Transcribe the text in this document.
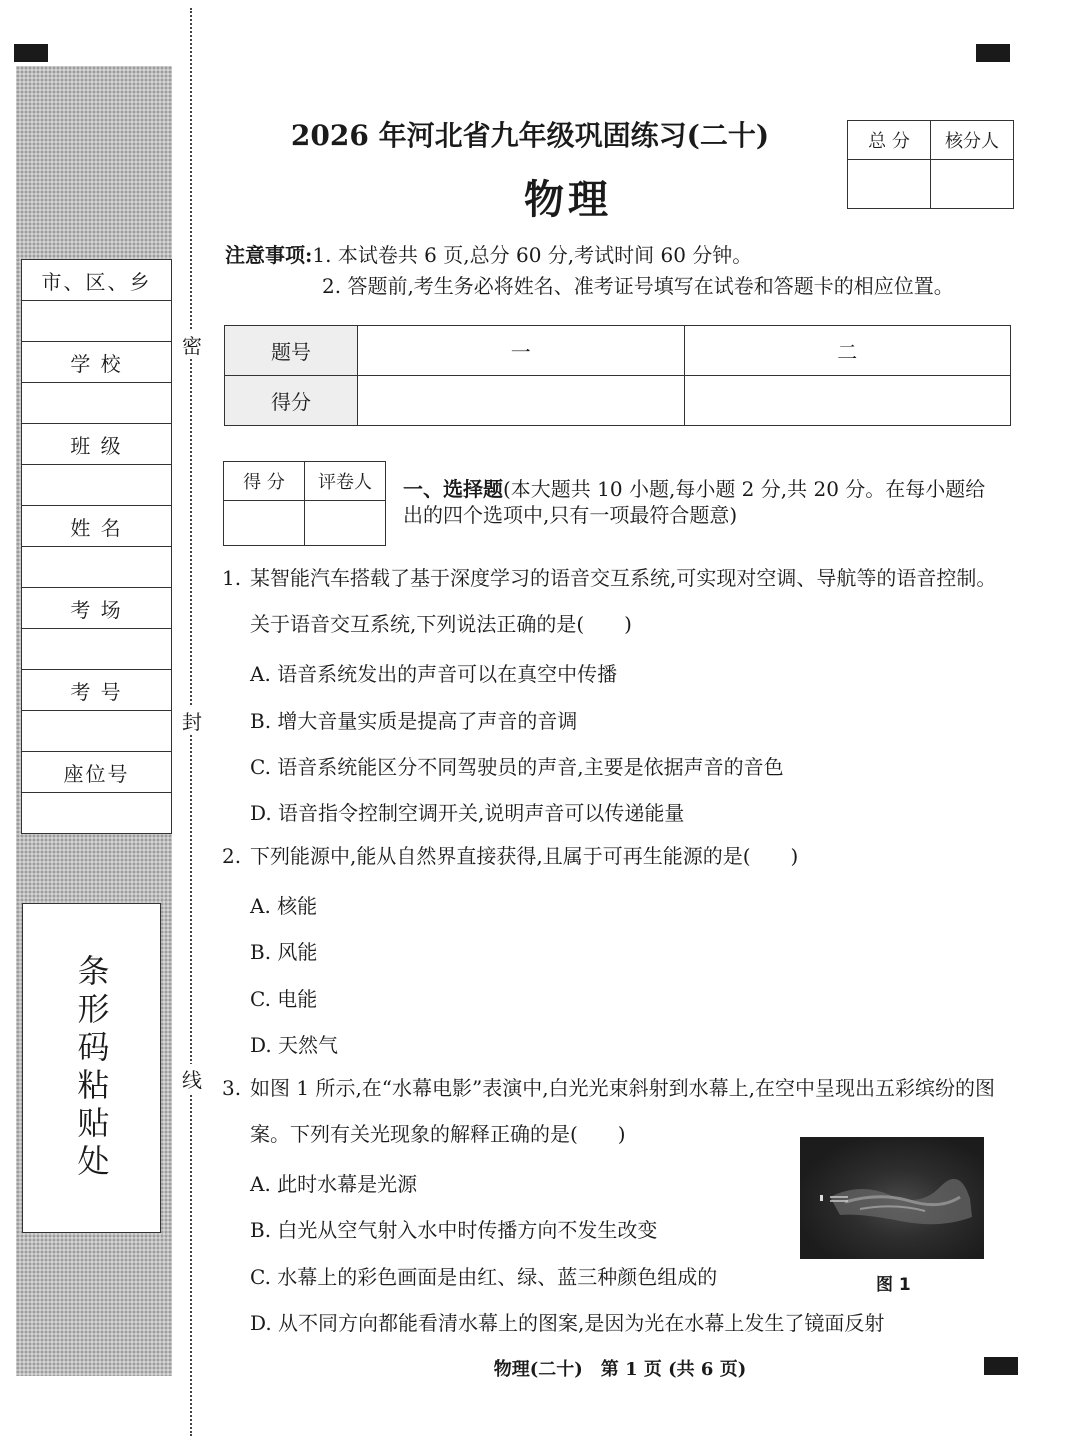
市、区、乡

学 校

班 级

姓 名

考 场

考 号

座位号

条形码粘贴处
密
封
线
2026 年河北省九年级巩固练习(二十)
物理
总 分	核分人

注意事项:1. 本试卷共 6 页,总分 60 分,考试时间 60 分钟。
2. 答题前,考生务必将姓名、准考证号填写在试卷和答题卡的相应位置。
题号	一	二
得分		
得 分	评卷人
	一、选择题(本大题共 10 小题,每小题 2 分,共 20 分。在每小题给出的四个选项中,只有一项最符合题意)
1. 某智能汽车搭载了基于深度学习的语音交互系统,可实现对空调、导航等的语音控制。关于语音交互系统,下列说法正确的是(　　)
A. 语音系统发出的声音可以在真空中传播
B. 增大音量实质是提高了声音的音调
C. 语音系统能区分不同驾驶员的声音,主要是依据声音的音色
D. 语音指令控制空调开关,说明声音可以传递能量
2. 下列能源中,能从自然界直接获得,且属于可再生能源的是(　　)
A. 核能
B. 风能
C. 电能
D. 天然气
3. 如图 1 所示,在“水幕电影”表演中,白光光束斜射到水幕上,在空中呈现出五彩缤纷的图案。下列有关光现象的解释正确的是(　　)
A. 此时水幕是光源
B. 白光从空气射入水中时传播方向不发生改变
C. 水幕上的彩色画面是由红、绿、蓝三种颜色组成的
D. 从不同方向都能看清水幕上的图案,是因为光在水幕上发生了镜面反射
图 1
物理(二十)　第 1 页 (共 6 页)
